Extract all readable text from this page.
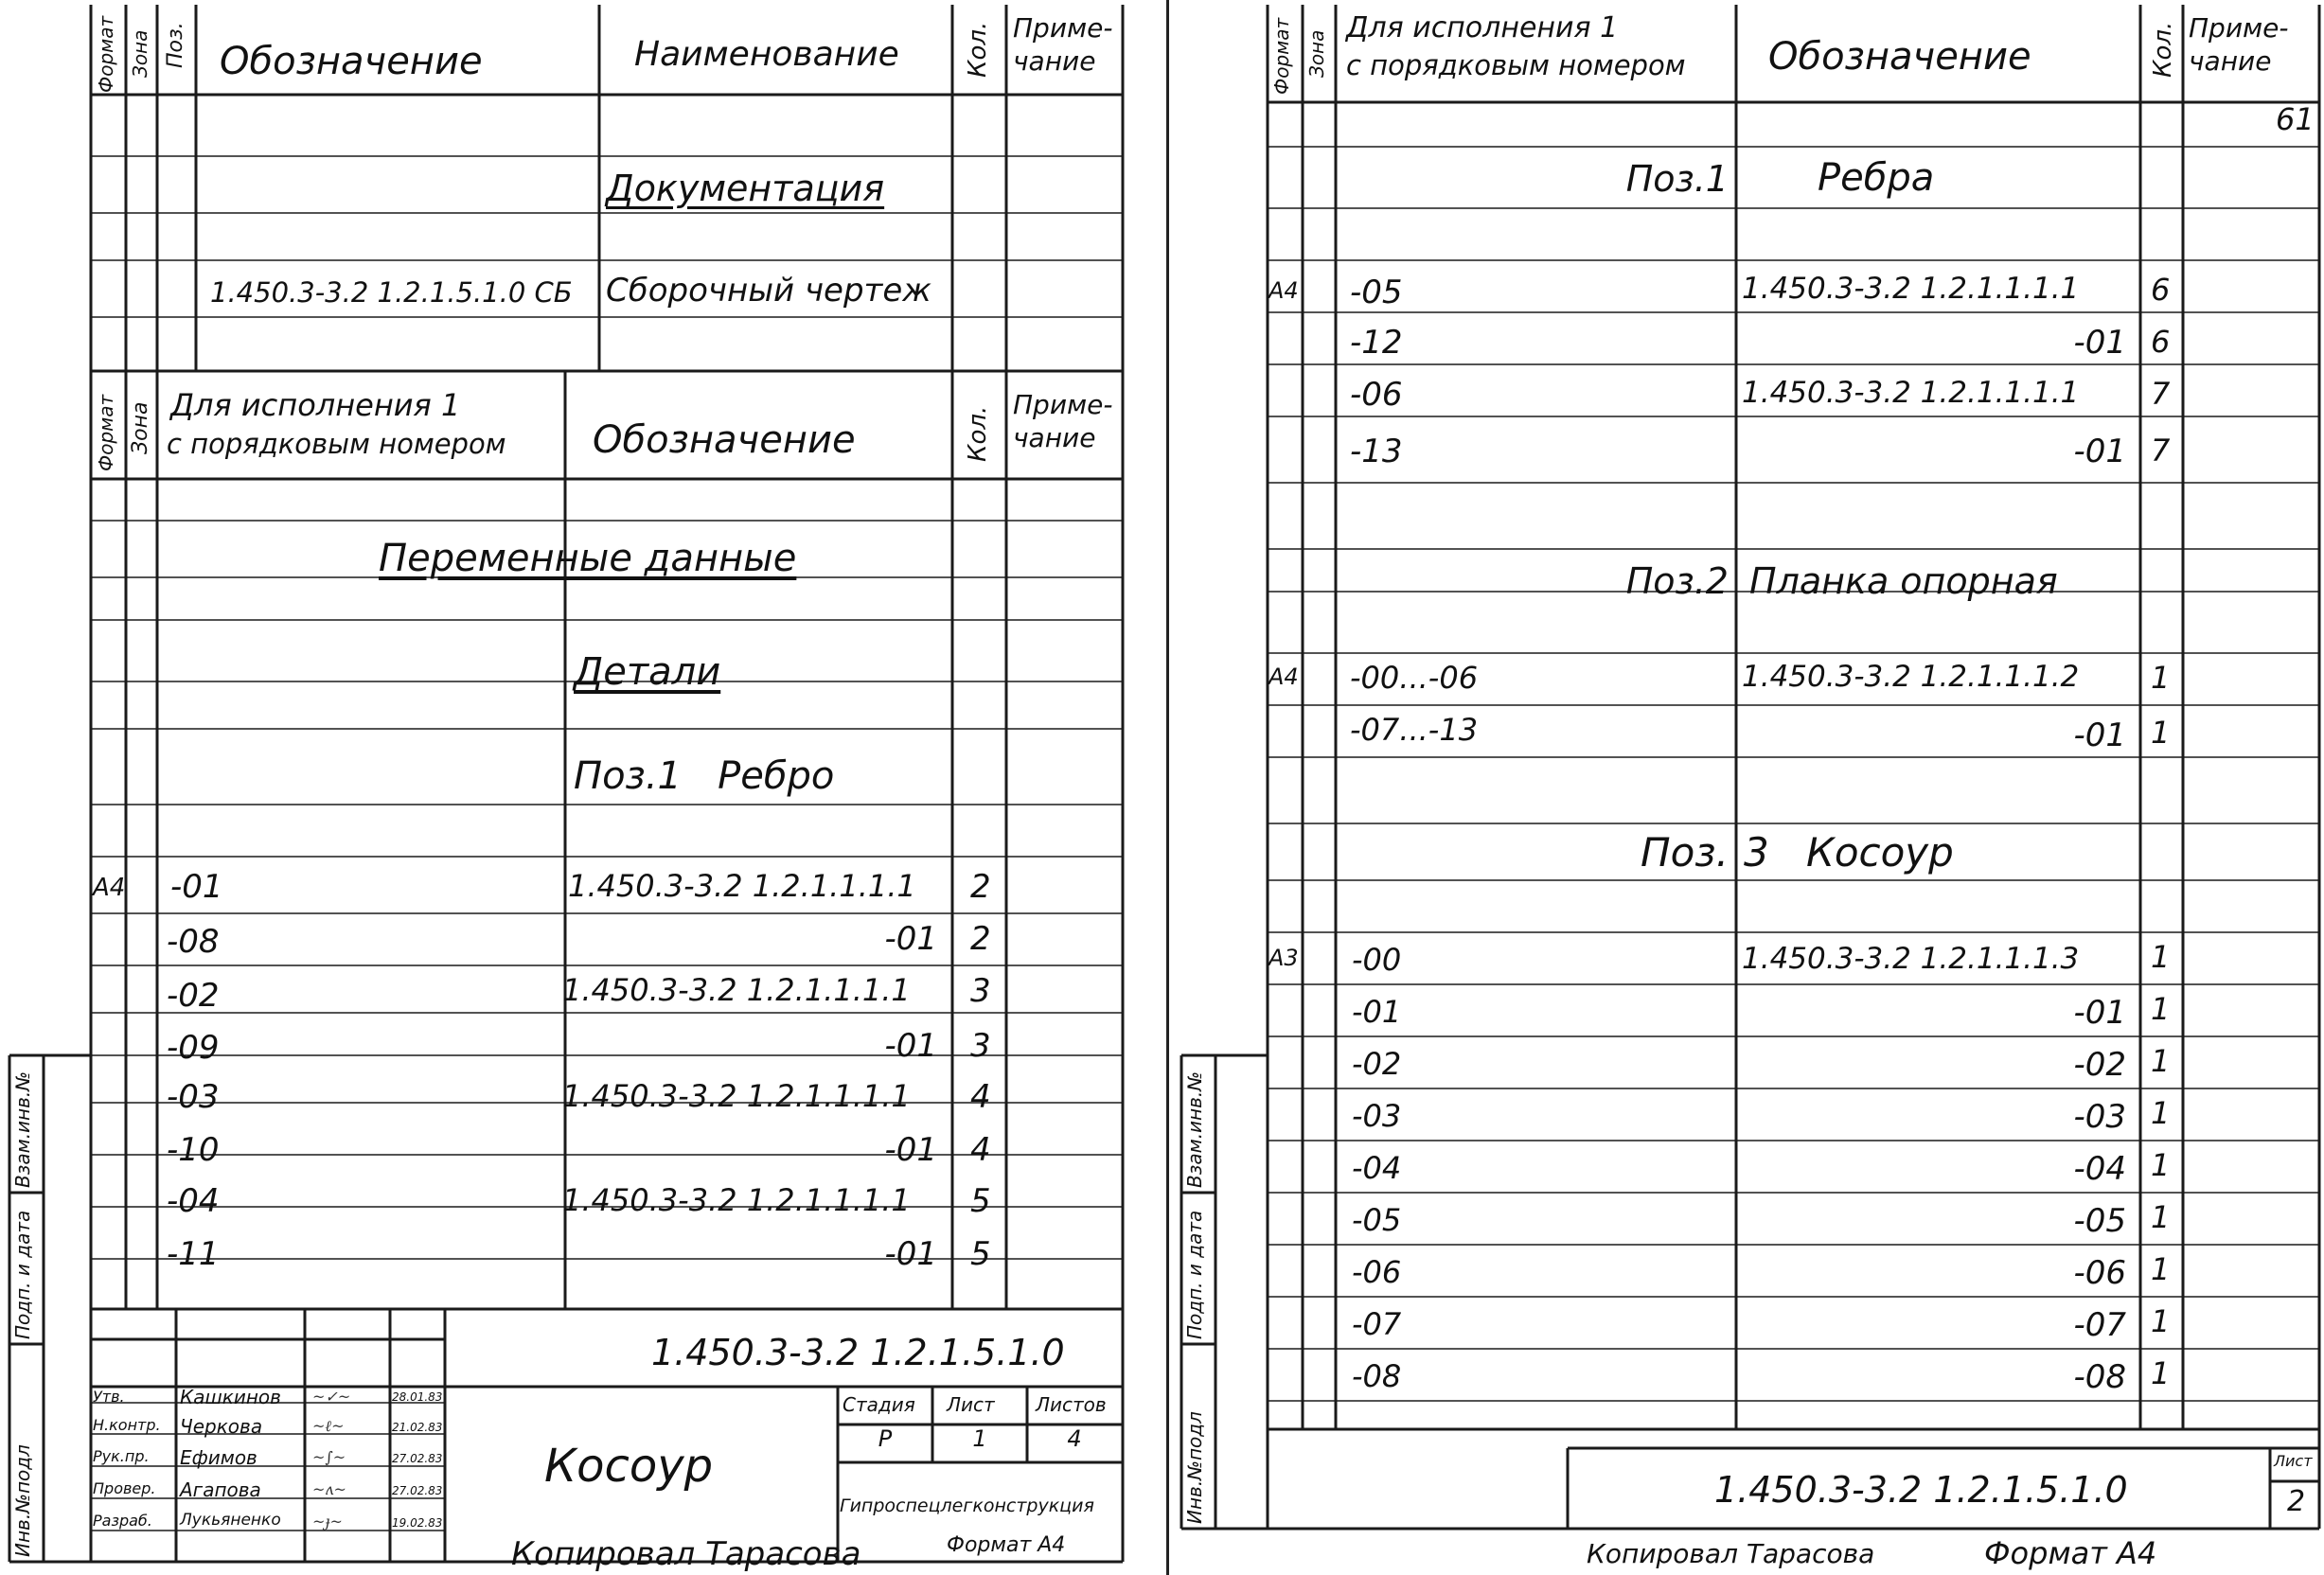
Формат Зона Поз. Обозначение	Наименование	Кол. Приме-
чание
Документация
1.450.3-3.2 1.2.1.5.1.0 СБ Сборочный чертеж
Формат Зона Для исполнения 1
с порядковым номером Обозначение	Кол.
Приме-
чание
Переменные данные
Детали
Поз.1   Ребро
А4 -01	1.450.3-3.2 1.2.1.1.1.1 2
-08	-01 2
-02	1.450.3-3.2 1.2.1.1.1.1 3
-09	-01 3
-03	1.450.3-3.2 1.2.1.1.1.1 4
-10	-01 4
-04	1.450.3-3.2 1.2.1.1.1.1 5
-11	-01 5
Инв.№подл
Подп. и дата
Взам.инв.№
1.450.3-3.2 1.2.1.5.1.0
Утв.
Н.контр.
Рук.пр.
Провер.
Разраб.
Кашкинов
Черкова
Ефимов
Агапова
Лукьяненко
~✓~
~ℓ~
~∫~
~ʌ~
~ɟ~
28.01.83
21.02.83
27.02.83
27.02.83
19.02.83
Косоур
Стадия Лист Листов
Р	1	4
Гипроспецлегконструкция
Копировал Тарасова	Формат А4
Формат Зона
Для исполнения 1
с порядковым номером Обозначение	Кол. Приме-
чание
61
Поз.1 Ребра
А4 -05	1.450.3-3.2 1.2.1.1.1.1 6
-12	-01 6
-06	1.450.3-3.2 1.2.1.1.1.1 7
-13	-01 7
Поз.2 Планка опорная
А4 -00...-06	1.450.3-3.2 1.2.1.1.1.2 1
-07...-13	-01 1
Поз. 3 Косоур
А3 -00	1.450.3-3.2 1.2.1.1.1.3 1
-01	-01 1
-02	-02 1
-03	-03 1
-04	-04 1
-05	-05 1
-06	-06 1
-07	-07 1
-08	-08 1
Инв.№подл
Подп. и дата
Взам.инв.№
1.450.3-3.2 1.2.1.5.1.0
Лист
2
Копировал Тарасова	Формат А4
